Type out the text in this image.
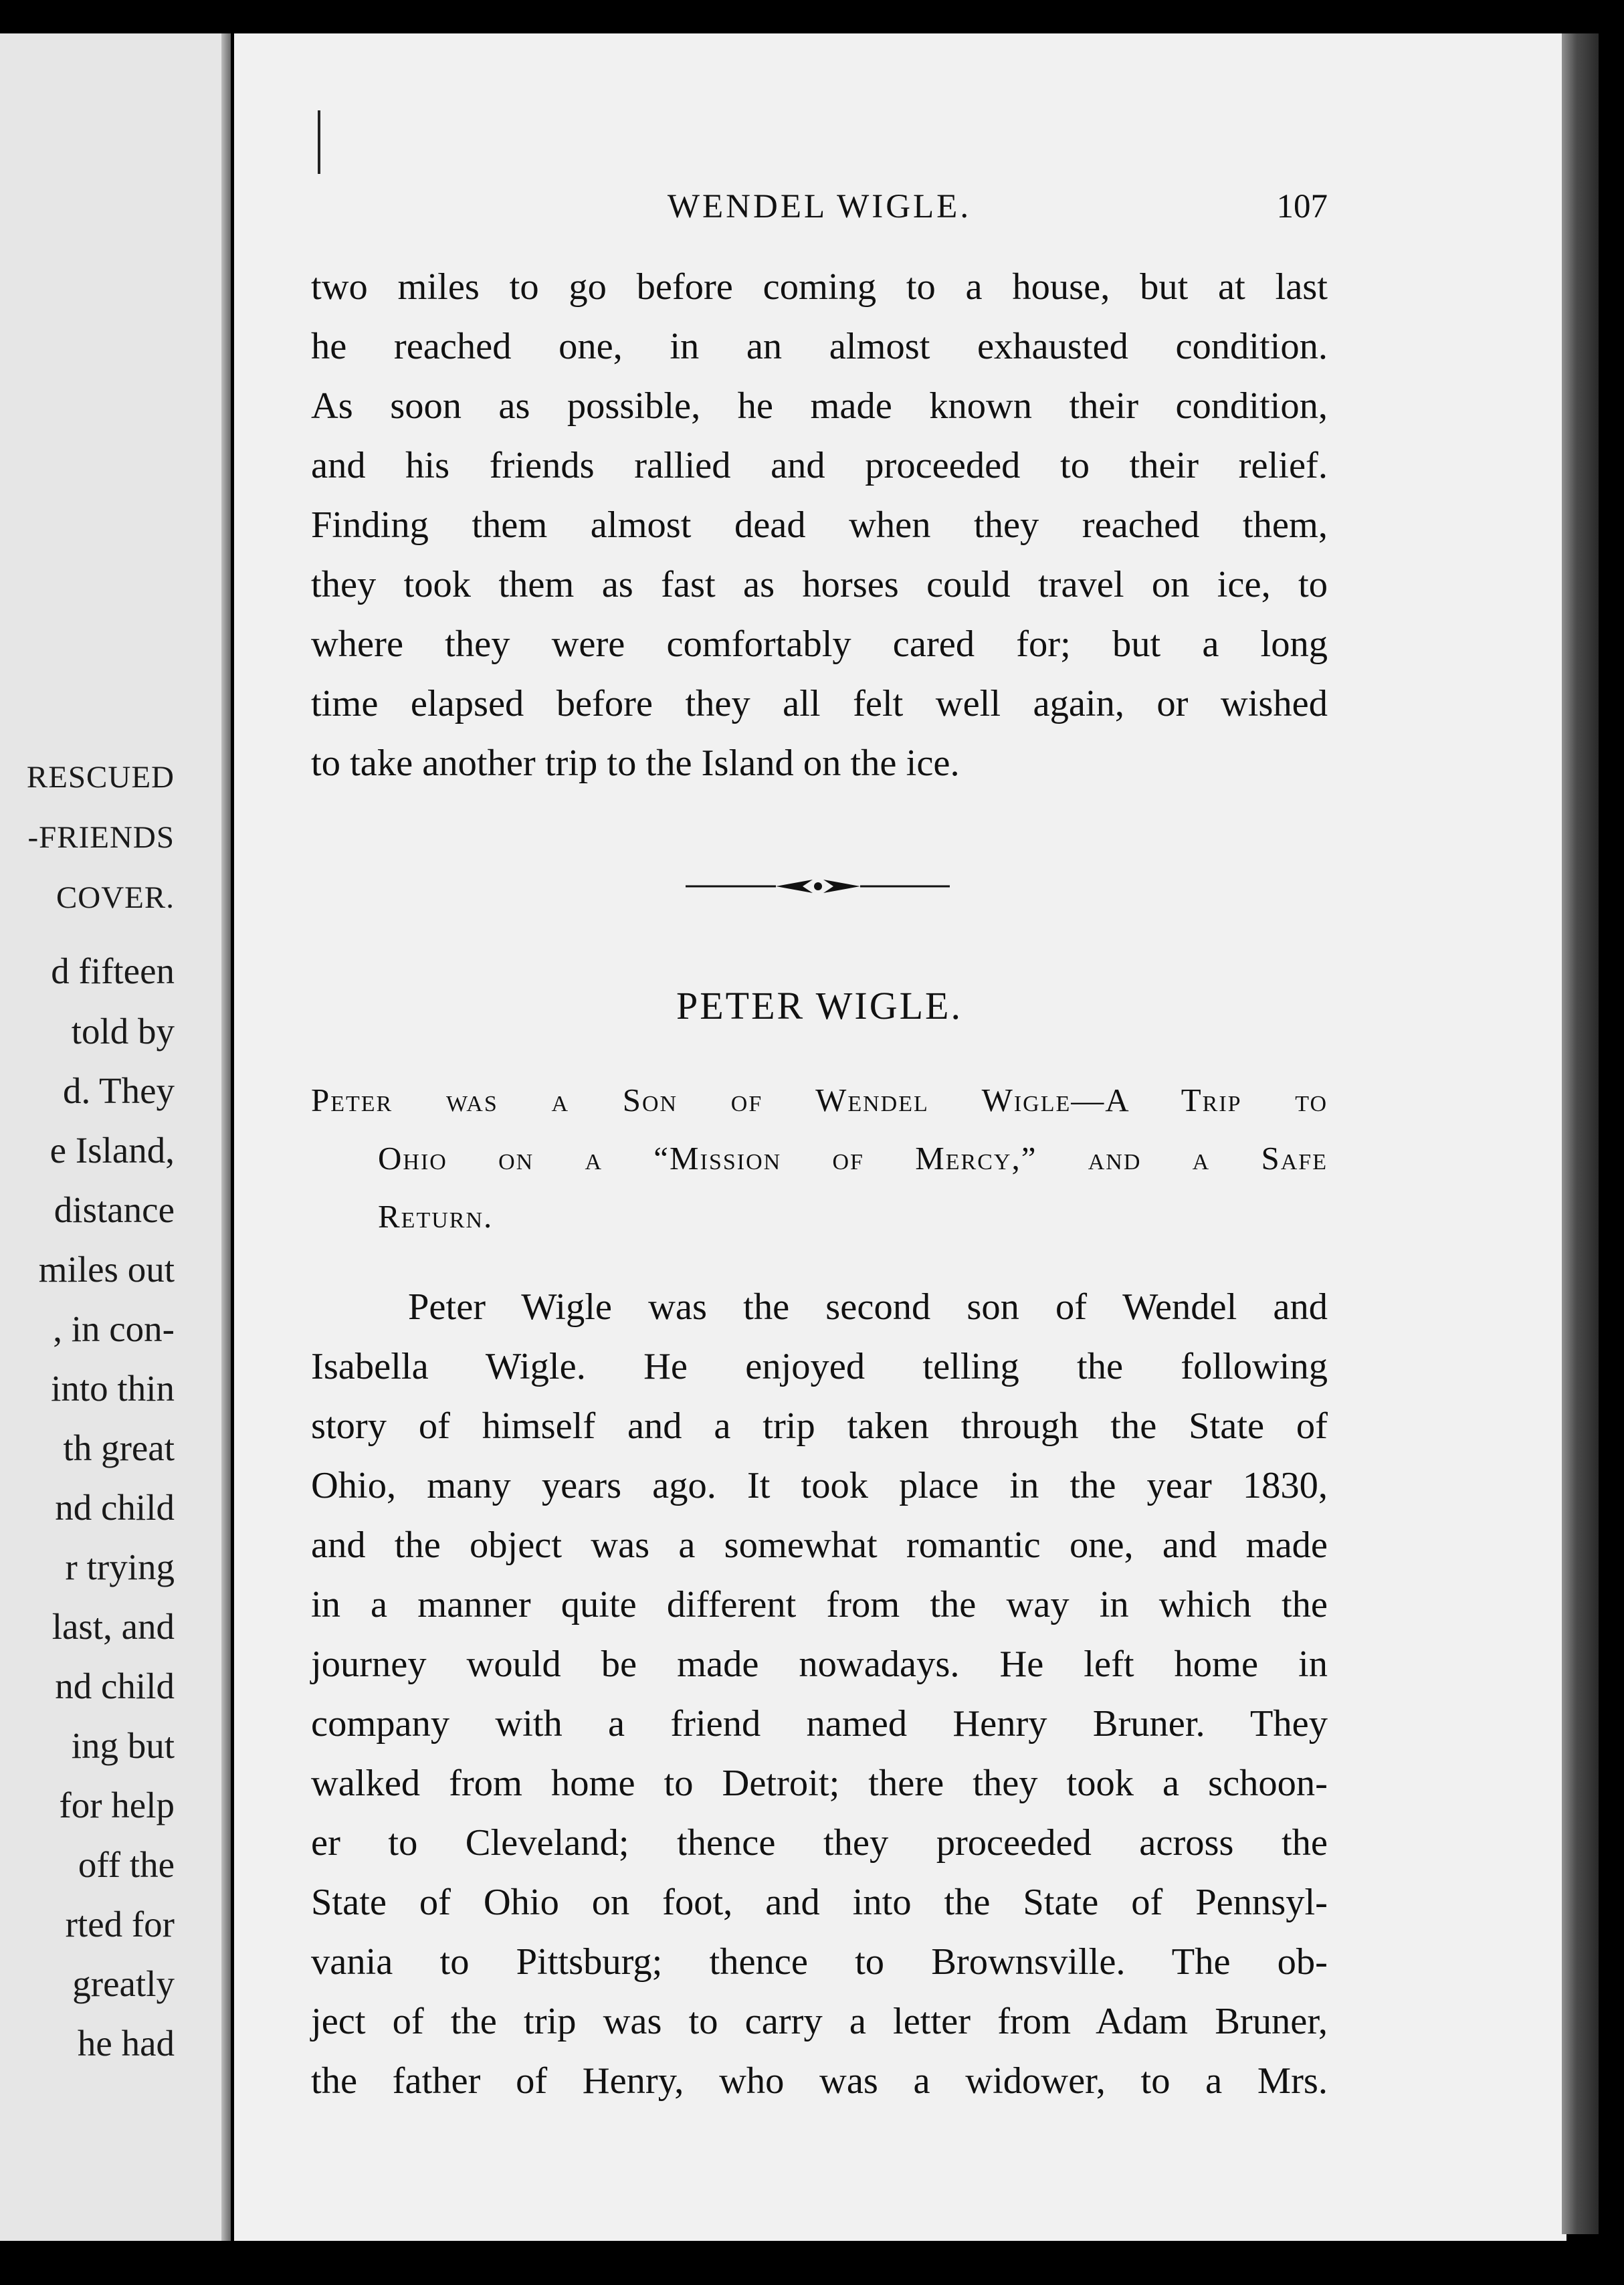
RESCUED
-FRIENDS
COVER.
d fifteen
told by
d. They
e Island,
distance
miles out
, in con-
into thin
th great
nd child
r trying
last, and
nd child
ing but
for help
off the
rted for
greatly
he had
WENDEL WIGLE.	107
two miles to go before coming to a house, but at last
he reached one, in an almost exhausted condition.
As soon as possible, he made known their condition,
and his friends rallied and proceeded to their relief.
Finding them almost dead when they reached them,
they took them as fast as horses could travel on ice, to
where they were comfortably cared for; but a long
time elapsed before they all felt well again, or wished
to take another trip to the Island on the ice.
PETER WIGLE.
Peter was a Son of Wendel Wigle—A Trip to
Ohio on a “Mission of Mercy,” and a Safe
Return.
Peter Wigle was the second son of Wendel and
Isabella Wigle. He enjoyed telling the following
story of himself and a trip taken through the State of
Ohio, many years ago. It took place in the year 1830,
and the object was a somewhat romantic one, and made
in a manner quite different from the way in which the
journey would be made nowadays. He left home in
company with a friend named Henry Bruner. They
walked from home to Detroit; there they took a schoon-
er to Cleveland; thence they proceeded across the
State of Ohio on foot, and into the State of Pennsyl-
vania to Pittsburg; thence to Brownsville. The ob-
ject of the trip was to carry a letter from Adam Bruner,
the father of Henry, who was a widower, to a Mrs.
